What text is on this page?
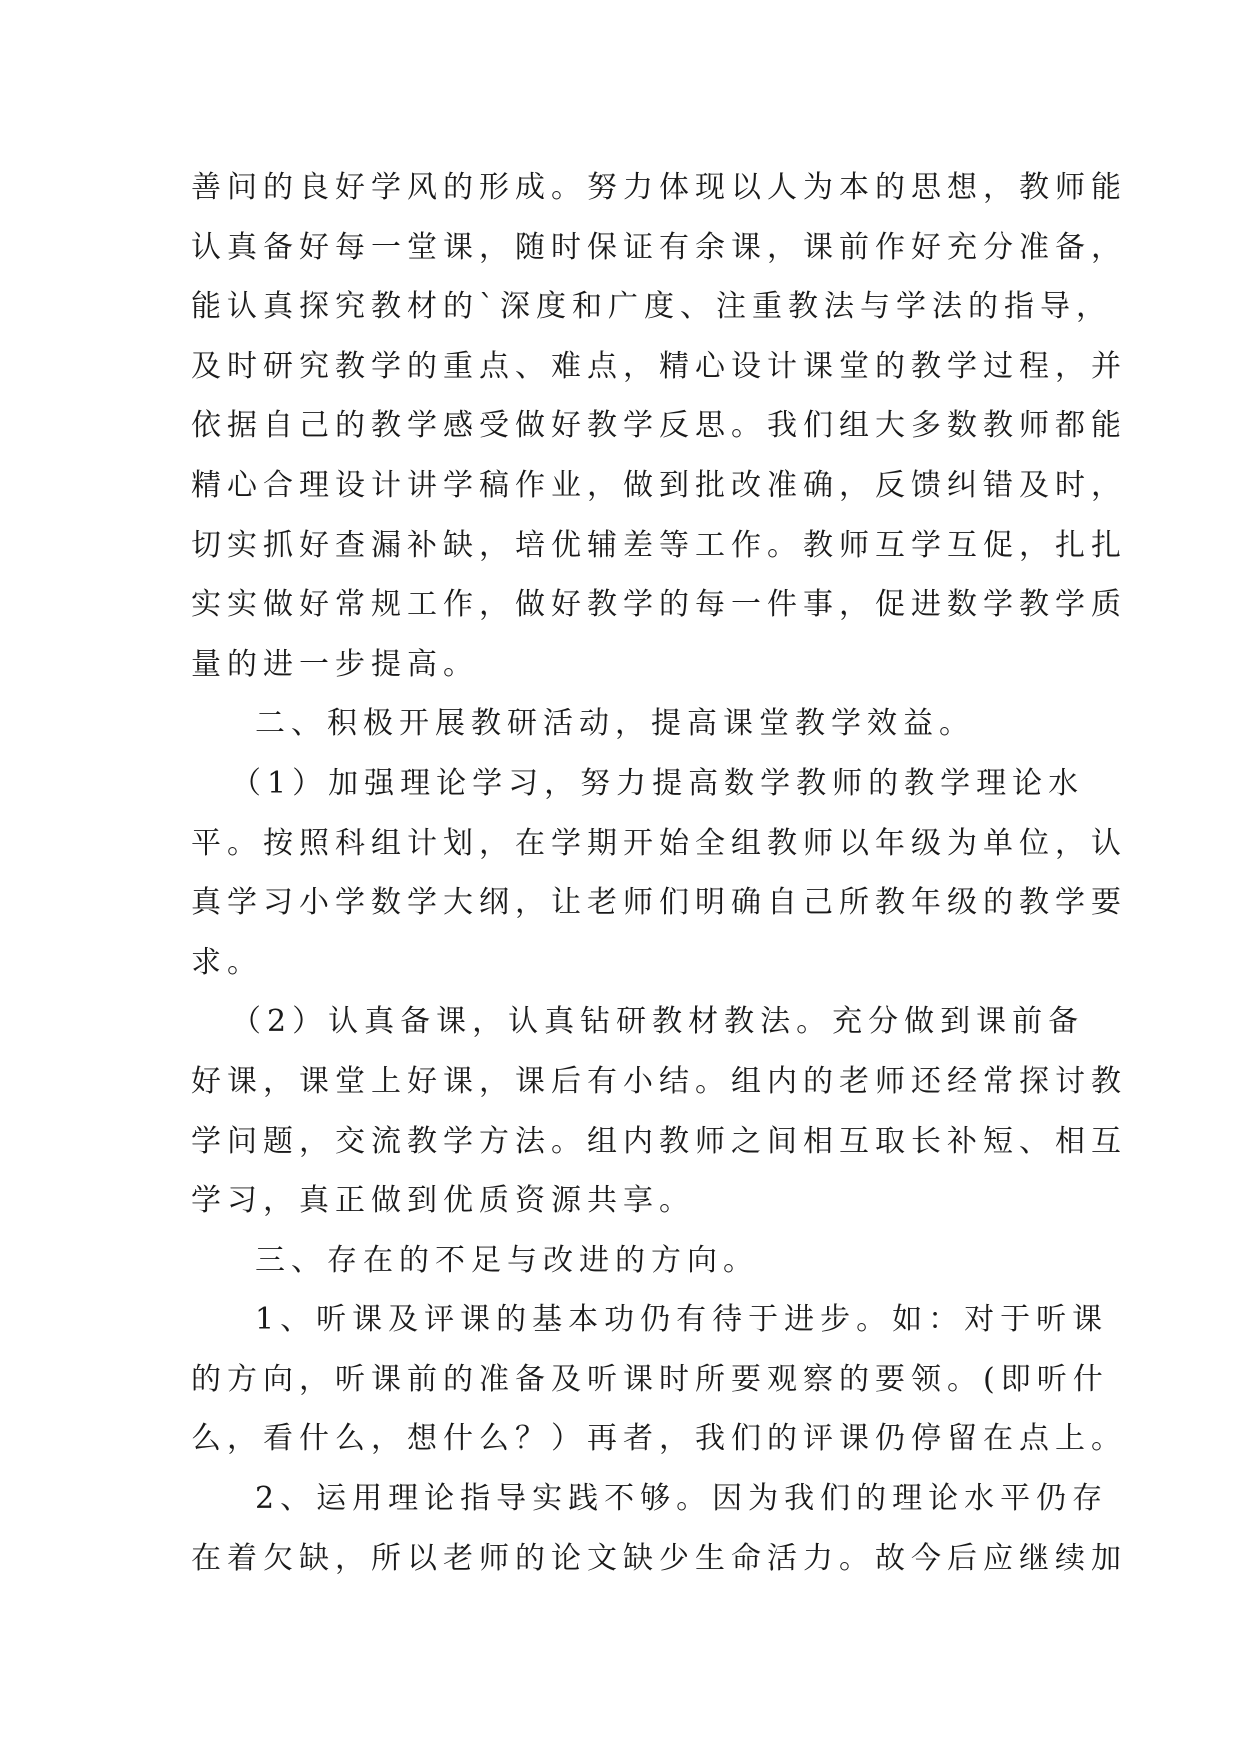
善问的良好学风的形成。努力体现以人为本的思想，教师能
认真备好每一堂课，随时保证有余课，课前作好充分准备，
能认真探究教材的`深度和广度、注重教法与学法的指导，
及时研究教学的重点、难点，精心设计课堂的教学过程，并
依据自己的教学感受做好教学反思。我们组大多数教师都能
精心合理设计讲学稿作业，做到批改准确，反馈纠错及时，
切实抓好查漏补缺，培优辅差等工作。教师互学互促，扎扎
实实做好常规工作，做好教学的每一件事，促进数学教学质
量的进一步提高。
二、积极开展教研活动，提高课堂教学效益。
（1）加强理论学习，努力提高数学教师的教学理论水
平。按照科组计划，在学期开始全组教师以年级为单位，认
真学习小学数学大纲，让老师们明确自己所教年级的教学要
求。
（2）认真备课，认真钻研教材教法。充分做到课前备
好课，课堂上好课，课后有小结。组内的老师还经常探讨教
学问题，交流教学方法。组内教师之间相互取长补短、相互
学习，真正做到优质资源共享。
三、存在的不足与改进的方向。
1、听课及评课的基本功仍有待于进步。如：对于听课
的方向，听课前的准备及听课时所要观察的要领。(即听什
么，看什么，想什么？）再者，我们的评课仍停留在点上。
2、运用理论指导实践不够。因为我们的理论水平仍存
在着欠缺，所以老师的论文缺少生命活力。故今后应继续加
